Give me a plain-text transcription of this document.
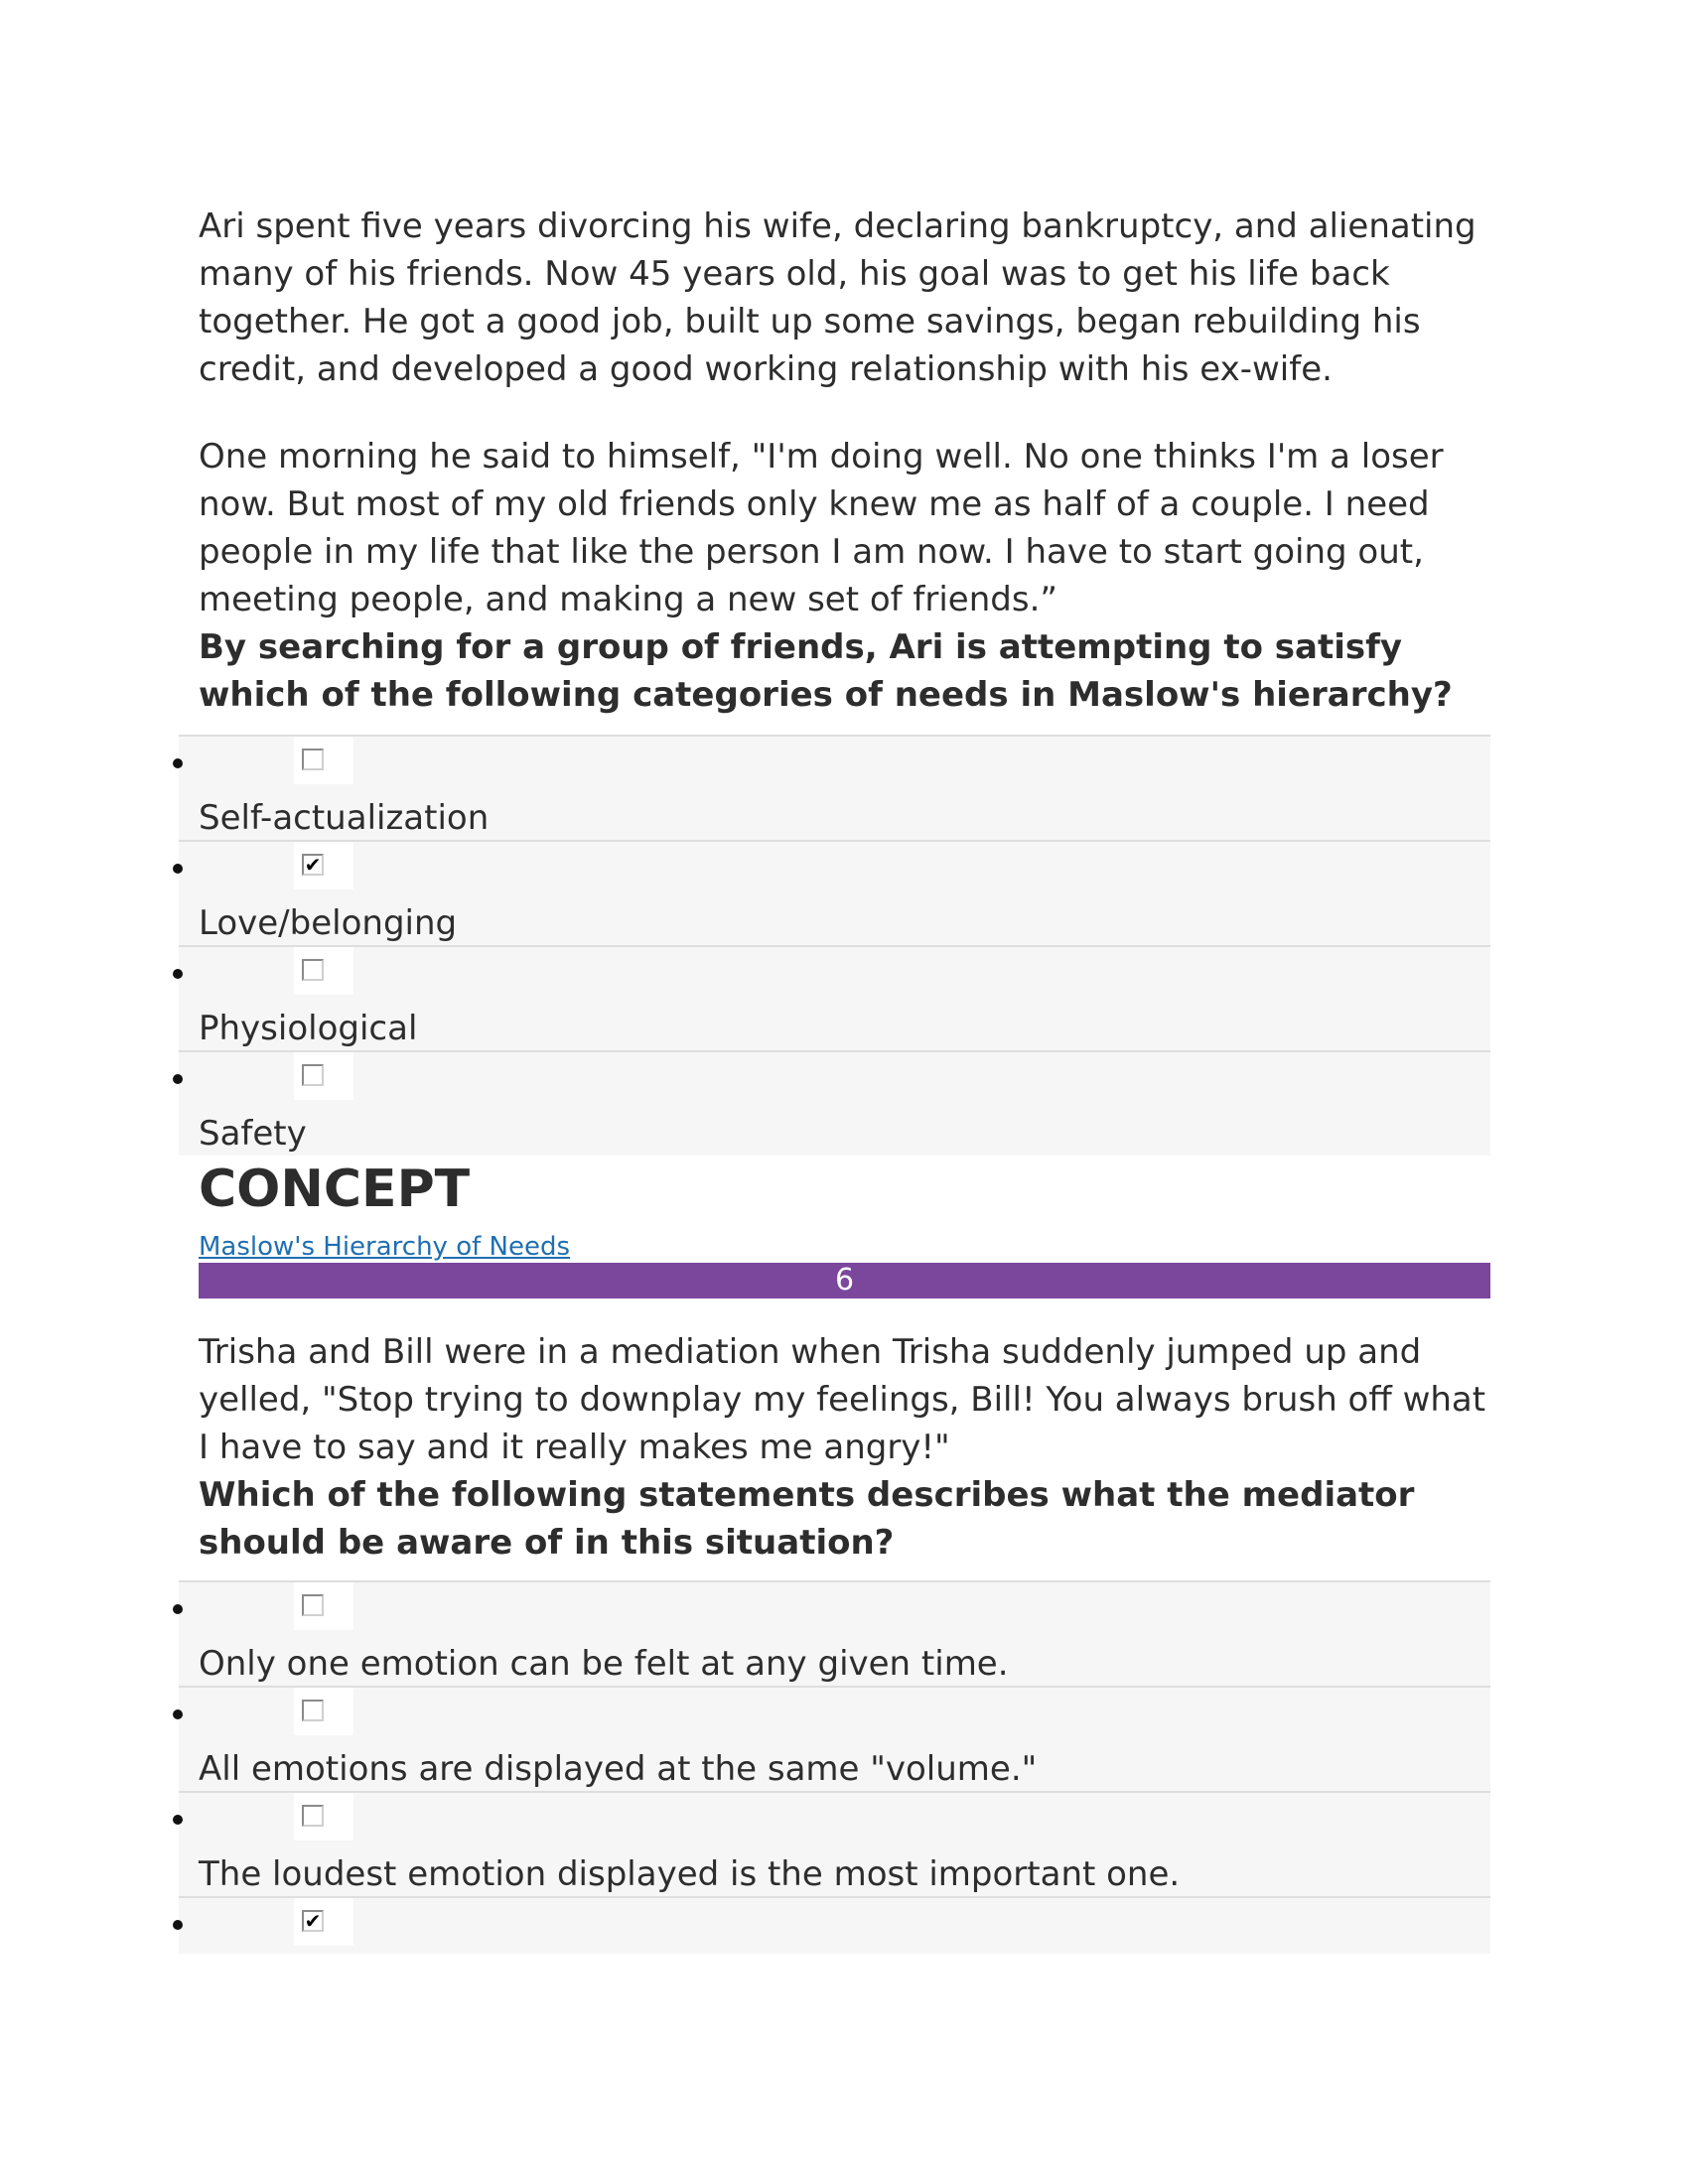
Ari spent five years divorcing his wife, declaring bankruptcy, and alienating many of his friends. Now 45 years old, his goal was to get his life back together. He got a good job, built up some savings, began rebuilding his credit, and developed a good working relationship with his ex-wife.
One morning he said to himself, "I'm doing well. No one thinks I'm a loser now. But most of my old friends only knew me as half of a couple. I need people in my life that like the person I am now. I have to start going out, meeting people, and making a new set of friends.”
By searching for a group of friends, Ari is attempting to satisfy which of the following categories of needs in Maslow's hierarchy?
Self-actualization
✔
Love/belonging
Physiological
Safety
CONCEPT
Maslow's Hierarchy of Needs
6
Trisha and Bill were in a mediation when Trisha suddenly jumped up and yelled, "Stop trying to downplay my feelings, Bill! You always brush off what I have to say and it really makes me angry!"
Which of the following statements describes what the mediator should be aware of in this situation?
Only one emotion can be felt at any given time.
All emotions are displayed at the same "volume."
The loudest emotion displayed is the most important one.
✔
